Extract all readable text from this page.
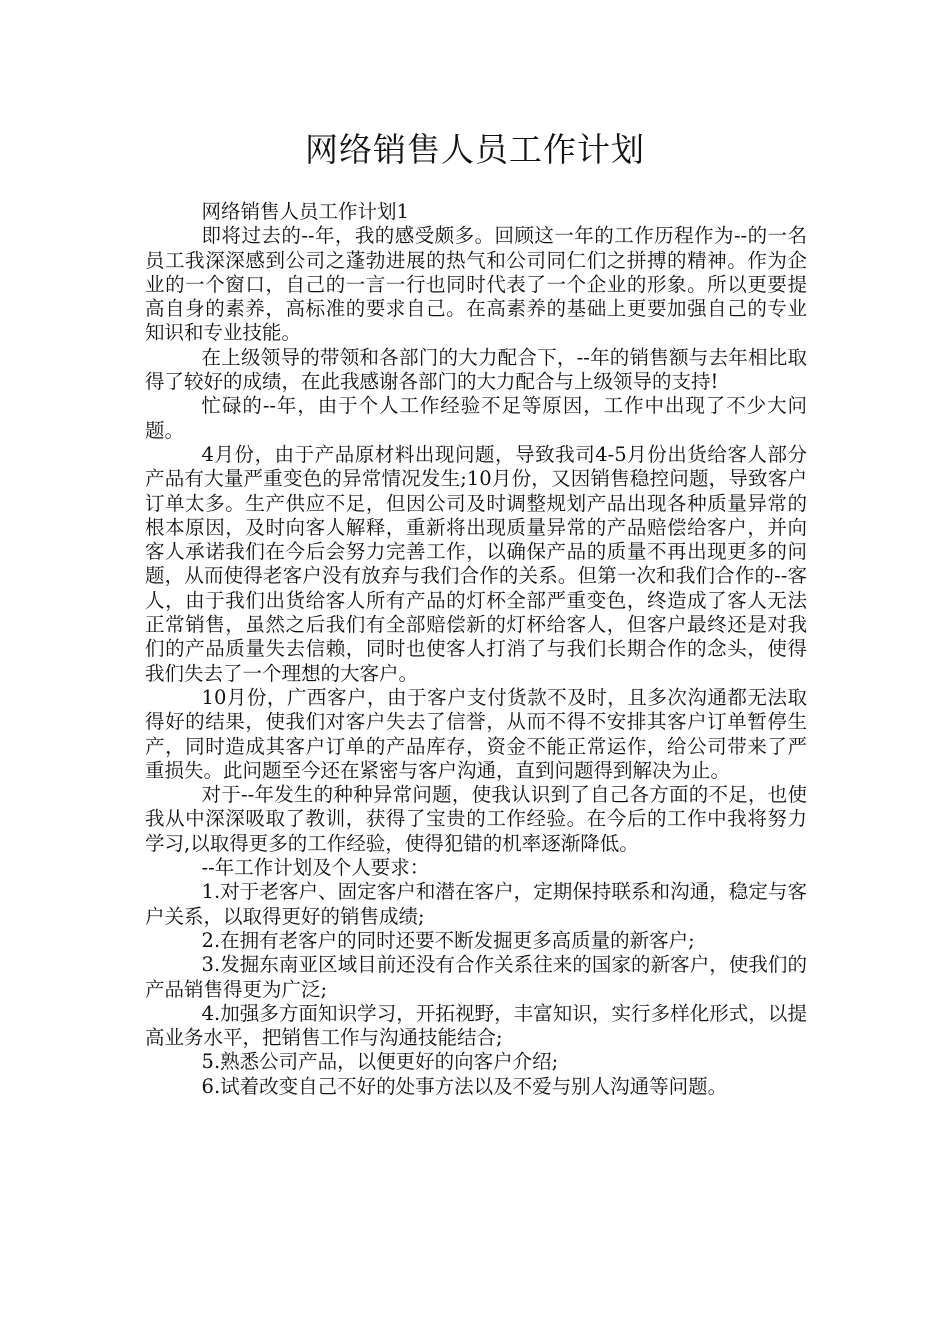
网络销售人员工作计划

网络销售人员工作计划1

即将过去的--年，我的感受颇多。回顾这一年的工作历程作为--的一名员工我深深感到公司之蓬勃进展的热气和公司同仁们之拼搏的精神。作为企业的一个窗口，自己的一言一行也同时代表了一个企业的形象。所以更要提高自身的素养，高标准的要求自己。在高素养的基础上更要加强自己的专业知识和专业技能。

在上级领导的带领和各部门的大力配合下，--年的销售额与去年相比取得了较好的成绩，在此我感谢各部门的大力配合与上级领导的支持!

忙碌的--年，由于个人工作经验不足等原因，工作中出现了不少大问题。

4月份，由于产品原材料出现问题，导致我司4-5月份出货给客人部分产品有大量严重变色的异常情况发生;10月份，又因销售稳控问题，导致客户订单太多。生产供应不足，但因公司及时调整规划产品出现各种质量异常的根本原因，及时向客人解释，重新将出现质量异常的产品赔偿给客户，并向客人承诺我们在今后会努力完善工作，以确保产品的质量不再出现更多的问题，从而使得老客户没有放弃与我们合作的关系。但第一次和我们合作的--客人，由于我们出货给客人所有产品的灯杯全部严重变色，终造成了客人无法正常销售，虽然之后我们有全部赔偿新的灯杯给客人，但客户最终还是对我们的产品质量失去信赖，同时也使客人打消了与我们长期合作的念头，使得我们失去了一个理想的大客户。

10月份，广西客户，由于客户支付货款不及时，且多次沟通都无法取得好的结果，使我们对客户失去了信誉，从而不得不安排其客户订单暂停生产，同时造成其客户订单的产品库存，资金不能正常运作，给公司带来了严重损失。此问题至今还在紧密与客户沟通，直到问题得到解决为止。

对于--年发生的种种异常问题，使我认识到了自己各方面的不足，也使我从中深深吸取了教训，获得了宝贵的工作经验。在今后的工作中我将努力学习,以取得更多的工作经验，使得犯错的机率逐渐降低。

--年工作计划及个人要求：

1.对于老客户、固定客户和潜在客户，定期保持联系和沟通，稳定与客户关系，以取得更好的销售成绩;

2.在拥有老客户的同时还要不断发掘更多高质量的新客户;

3.发掘东南亚区域目前还没有合作关系往来的国家的新客户，使我们的产品销售得更为广泛;

4.加强多方面知识学习，开拓视野，丰富知识，实行多样化形式，以提高业务水平，把销售工作与沟通技能结合;

5.熟悉公司产品，以便更好的向客户介绍;

6.试着改变自己不好的处事方法以及不爱与别人沟通等问题。
